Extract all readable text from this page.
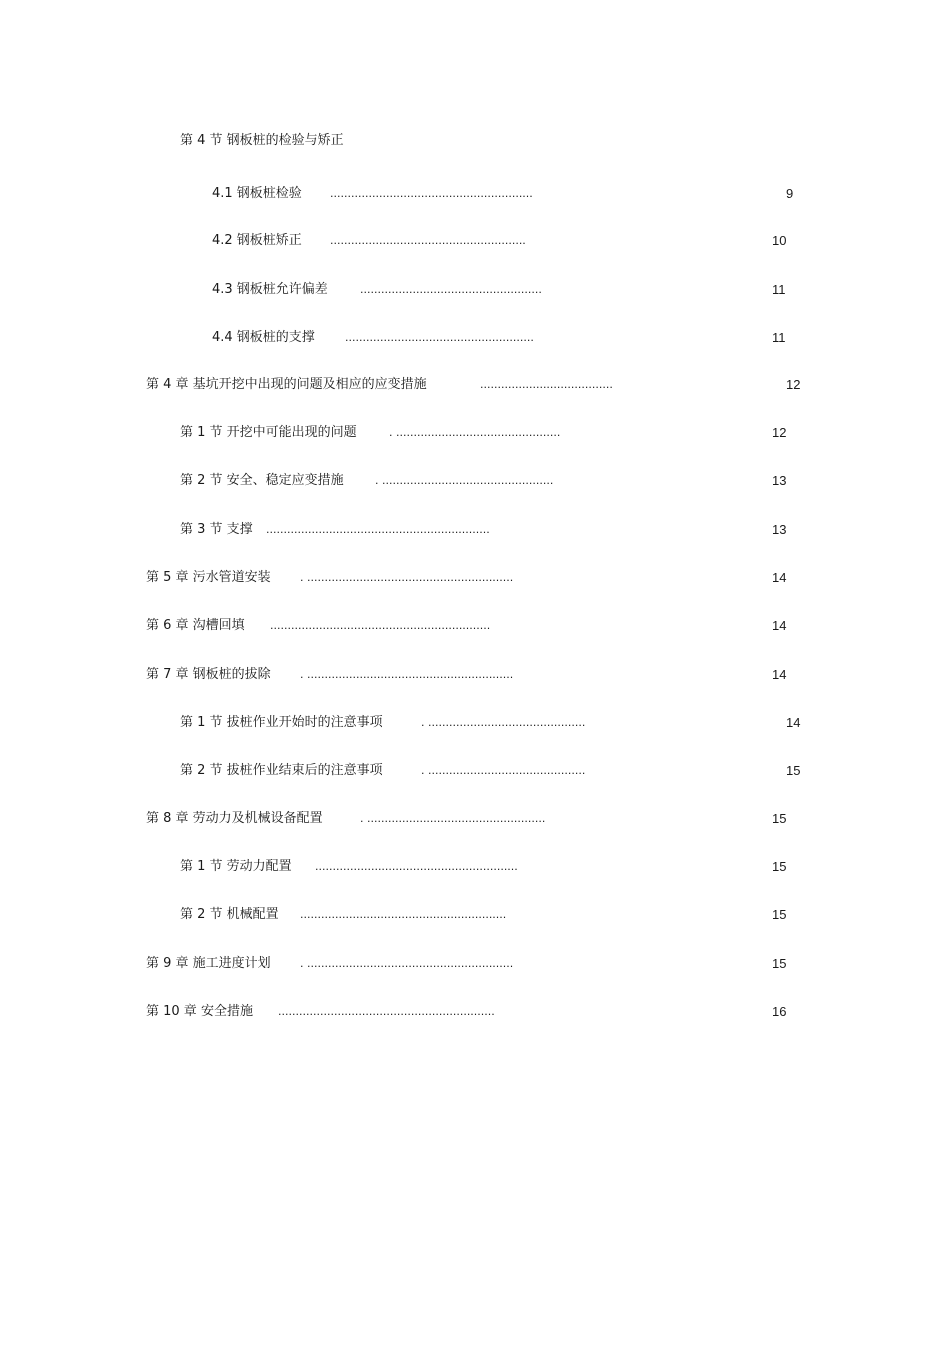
第 4 节 钢板桩的检验与矫正
4.1 钢板桩检验	..........................................................	9
4.2 钢板桩矫正	........................................................	10
4.3 钢板桩允许偏差	....................................................	11
4.4 钢板桩的支撑	......................................................	11
第 4 章 基坑开挖中出现的问题及相应的应变措施	......................................	12
第 1 节 开挖中可能出现的问题	. ...............................................	12
第 2 节 安全、稳定应变措施	. .................................................	13
第 3 节 支撑 ................................................................	13
第 5 章 污水管道安装	. ...........................................................	14
第 6 章 沟槽回填 ...............................................................	14
第 7 章 钢板桩的拔除	. ...........................................................	14
第 1 节 拔桩作业开始时的注意事项	. .............................................	14
第 2 节 拔桩作业结束后的注意事项	. .............................................	15
第 8 章 劳动力及机械设备配置	. ...................................................	15
第 1 节 劳动力配置 ..........................................................	15
第 2 节 机械配置 ...........................................................	15
第 9 章 施工进度计划	. ...........................................................	15
第 10 章 安全措施 ..............................................................	16
